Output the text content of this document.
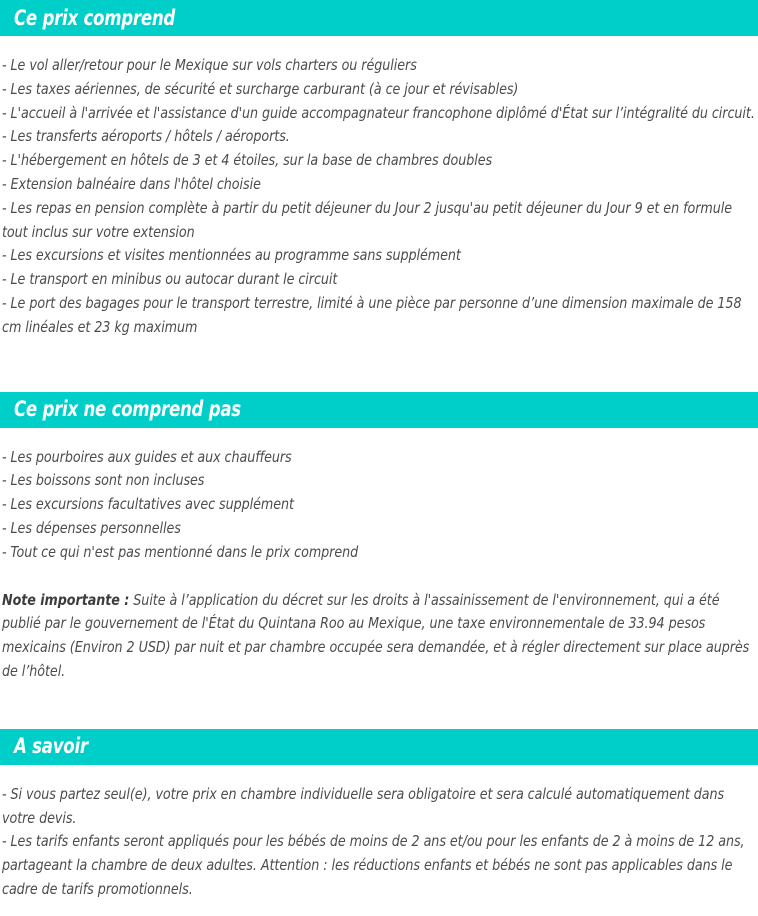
Ce prix comprend

- Le vol aller/retour pour le Mexique sur vols charters ou réguliers

- Les taxes aériennes, de sécurité et surcharge carburant (à ce jour et révisables)

- L'accueil à l'arrivée et l'assistance d'un guide accompagnateur francophone diplômé d'État sur l’intégralité du circuit.

- Les transferts aéroports / hôtels / aéroports.

- L'hébergement en hôtels de 3 et 4 étoiles, sur la base de chambres doubles

- Extension balnéaire dans l'hôtel choisie

- Les repas en pension complète à partir du petit déjeuner du Jour 2 jusqu'au petit déjeuner du Jour 9 et en formule tout inclus sur votre extension

- Les excursions et visites mentionnées au programme sans supplément

- Le transport en minibus ou autocar durant le circuit

- Le port des bagages pour le transport terrestre, limité à une pièce par personne d’une dimension maximale de 158 cm linéales et 23 kg maximum

Ce prix ne comprend pas

- Les pourboires aux guides et aux chauffeurs

- Les boissons sont non incluses

- Les excursions facultatives avec supplément

- Les dépenses personnelles

- Tout ce qui n'est pas mentionné dans le prix comprend

Note importante : Suite à l’application du décret sur les droits à l'assainissement de l'environnement, qui a été publié par le gouvernement de l'État du Quintana Roo au Mexique, une taxe environnementale de 33.94 pesos mexicains (Environ 2 USD) par nuit et par chambre occupée sera demandée, et à régler directement sur place auprès de l’hôtel.

A savoir

- Si vous partez seul(e), votre prix en chambre individuelle sera obligatoire et sera calculé automatiquement dans votre devis.

- Les tarifs enfants seront appliqués pour les bébés de moins de 2 ans et/ou pour les enfants de 2 à moins de 12 ans, partageant la chambre de deux adultes. Attention : les réductions enfants et bébés ne sont pas applicables dans le cadre de tarifs promotionnels.
